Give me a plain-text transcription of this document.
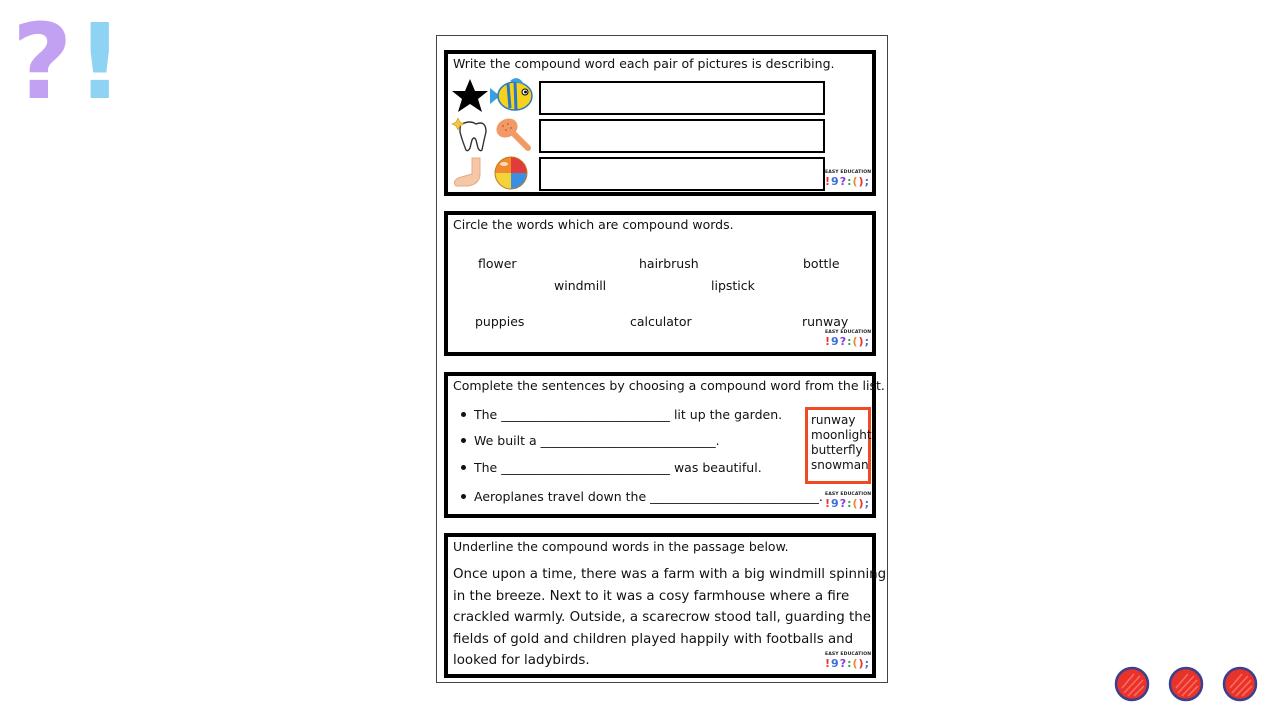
? !	Write the compound word each pair of pictures is describing.
EASY EDUCATION
! 9 ? : ( ) ;
Circle the words which are compound words.
flower	hairbrush	bottle
windmill	lipstick
puppies	calculator	runway
EASY EDUCATION
! 9 ? : ( ) ;
Complete the sentences by choosing a compound word from the list.
The ___________________________ lit up the garden.
We built a ____________________________.
The ___________________________ was beautiful.
Aeroplanes travel down the ___________________________.
runway
moonlight
butterfly
snowman
EASY EDUCATION
! 9 ? : ( ) ;
Underline the compound words in the passage below.

Once upon a time, there was a farm with a big windmill spinning

in the breeze. Next to it was a cosy farmhouse where a fire

crackled warmly. Outside, a scarecrow stood tall, guarding the

fields of gold and children played happily with footballs and

looked for ladybirds.	EASY EDUCATION
! 9 ? : ( ) ;
